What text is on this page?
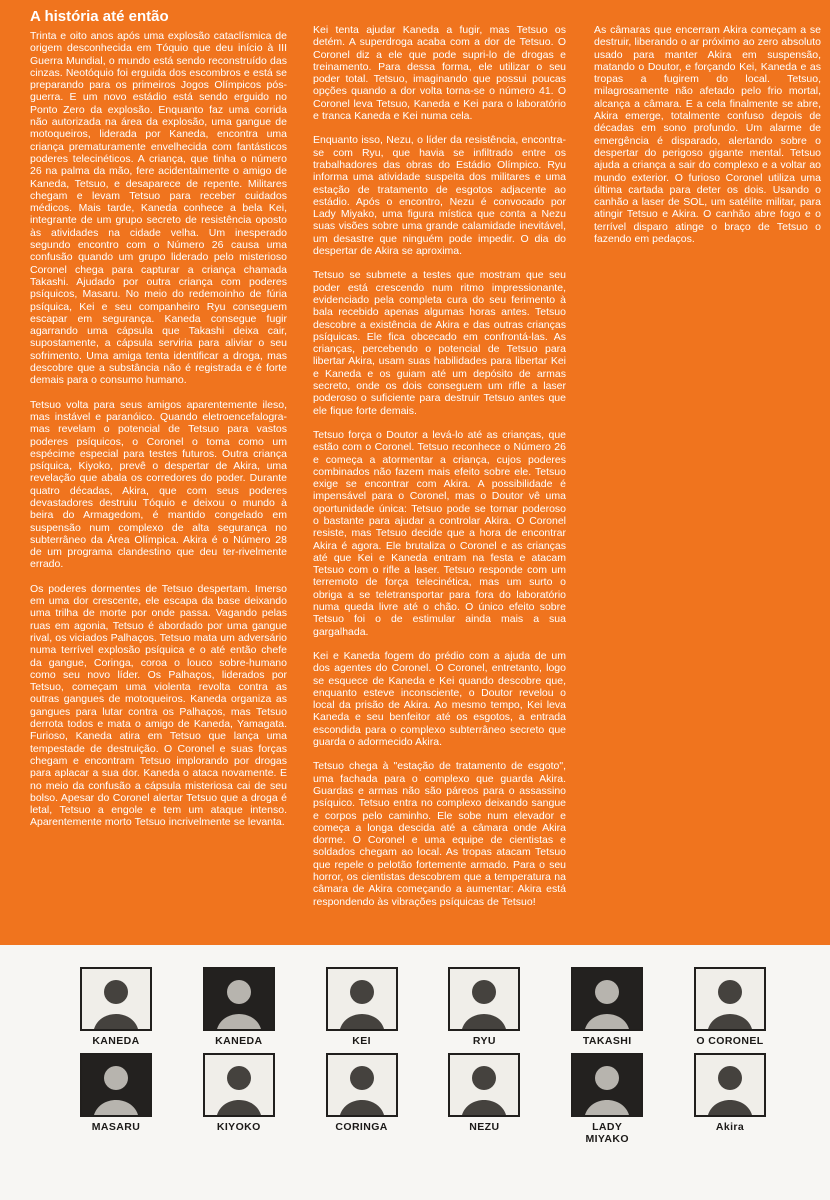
A história até então

Trinta e oito anos após uma explosão cataclísmica de origem desconhecida em Tóquio que deu início à III Guerra Mundial, o mundo está sendo reconstruído das cinzas. Neotóquio foi erguida dos escombros e está se preparando para os primeiros Jogos Olímpicos pós-guerra. E um novo estádio está sendo erguido no Ponto Zero da explosão. Enquanto faz uma corrida não autorizada na área da explosão, uma gangue de motoqueiros, liderada por Kaneda, encontra uma criança prematuramente envelhecida com fantásticos poderes telecinéticos. A criança, que tinha o número 26 na palma da mão, fere acidentalmente o amigo de Kaneda, Tetsuo, e desaparece de repente. Militares chegam e levam Tetsuo para receber cuidados médicos. Mais tarde, Kaneda conhece a bela Kei, integrante de um grupo secreto de resistência oposto às atividades na cidade velha. Um inesperado segundo encontro com o Número 26 causa uma confusão quando um grupo liderado pelo misterioso Coronel chega para capturar a criança chamada Takashi. Ajudado por outra criança com poderes psíquicos, Masaru. No meio do redemoinho de fúria psíquica, Kei e seu companheiro Ryu conseguem escapar em segurança. Kaneda consegue fugir agarrando uma cápsula que Takashi deixa cair, supostamente, a cápsula serviria para aliviar o seu sofrimento. Uma amiga tenta identificar a droga, mas descobre que a substância não é registrada e é forte demais para o consumo humano.

Tetsuo volta para seus amigos aparentemente ileso, mas instável e paranóico. Quando eletroencefalogra-mas revelam o potencial de Tetsuo para vastos poderes psíquicos, o Coronel o toma como um espécime especial para testes futuros. Outra criança psíquica, Kiyoko, prevê o despertar de Akira, uma revelação que abala os corredores do poder. Durante quatro décadas, Akira, que com seus poderes devastadores destruiu Tóquio e deixou o mundo à beira do Armagedom, é mantido congelado em suspensão num complexo de alta segurança no subterrâneo da Área Olímpica. Akira é o Número 28 de um programa clandestino que deu ter-rivelmente errado.

Os poderes dormentes de Tetsuo despertam. Imerso em uma dor crescente, ele escapa da base deixando uma trilha de morte por onde passa. Vagando pelas ruas em agonia, Tetsuo é abordado por uma gangue rival, os viciados Palhaços. Tetsuo mata um adversário numa terrível explosão psíquica e o até então chefe da gangue, Coringa, coroa o louco sobre-humano como seu novo líder. Os Palhaços, liderados por Tetsuo, começam uma violenta revolta contra as outras gangues de motoqueiros. Kaneda organiza as gangues para lutar contra os Palhaços, mas Tetsuo derrota todos e mata o amigo de Kaneda, Yamagata. Furioso, Kaneda atira em Tetsuo que lança uma tempestade de destruição. O Coronel e suas forças chegam e encontram Tetsuo implorando por drogas para aplacar a sua dor. Kaneda o ataca novamente. E no meio da confusão a cápsula misteriosa cai de seu bolso. Apesar do Coronel alertar Tetsuo que a droga é letal, Tetsuo a engole e tem um ataque intenso. Aparentemente morto Tetsuo incrivelmente se levanta.

Kei tenta ajudar Kaneda a fugir, mas Tetsuo os detém. A superdroga acaba com a dor de Tetsuo. O Coronel diz a ele que pode supri-lo de drogas e treinamento. Para dessa forma, ele utilizar o seu poder total. Tetsuo, imaginando que possui poucas opções quando a dor volta torna-se o número 41. O Coronel leva Tetsuo, Kaneda e Kei para o laboratório e tranca Kaneda e Kei numa cela.

Enquanto isso, Nezu, o líder da resistência, encontra-se com Ryu, que havia se infiltrado entre os trabalhadores das obras do Estádio Olímpico. Ryu informa uma atividade suspeita dos militares e uma estação de tratamento de esgotos adjacente ao estádio. Após o encontro, Nezu é convocado por Lady Miyako, uma figura mística que conta a Nezu suas visões sobre uma grande calamidade inevitável, um desastre que ninguém pode impedir. O dia do despertar de Akira se aproxima.

Tetsuo se submete a testes que mostram que seu poder está crescendo num ritmo impressionante, evidenciado pela completa cura do seu ferimento à bala recebido apenas algumas horas antes. Tetsuo descobre a existência de Akira e das outras crianças psíquicas. Ele fica obcecado em confrontá-las. As crianças, percebendo o potencial de Tetsuo para libertar Akira, usam suas habilidades para libertar Kei e Kaneda e os guiam até um depósito de armas secreto, onde os dois conseguem um rifle a laser poderoso o suficiente para destruir Tetsuo antes que ele fique forte demais.

Tetsuo força o Doutor a levá-lo até as crianças, que estão com o Coronel. Tetsuo reconhece o Número 26 e começa a atormentar a criança, cujos poderes combinados não fazem mais efeito sobre ele. Tetsuo exige se encontrar com Akira. A possibilidade é impensável para o Coronel, mas o Doutor vê uma oportunidade única: Tetsuo pode se tornar poderoso o bastante para ajudar a controlar Akira. O Coronel resiste, mas Tetsuo decide que a hora de encontrar Akira é agora. Ele brutaliza o Coronel e as crianças até que Kei e Kaneda entram na festa e atacam Tetsuo com o rifle a laser. Tetsuo responde com um terremoto de força telecinética, mas um surto o obriga a se teletransportar para fora do laboratório numa queda livre até o chão. O único efeito sobre Tetsuo foi o de estimular ainda mais a sua gargalhada.

Kei e Kaneda fogem do prédio com a ajuda de um dos agentes do Coronel. O Coronel, entretanto, logo se esquece de Kaneda e Kei quando descobre que, enquanto esteve inconsciente, o Doutor revelou o local da prisão de Akira. Ao mesmo tempo, Kei leva Kaneda e seu benfeitor até os esgotos, a entrada escondida para o complexo subterrâneo secreto que guarda o adormecido Akira.

Tetsuo chega à "estação de tratamento de esgoto", uma fachada para o complexo que guarda Akira. Guardas e armas não são páreos para o assassino psíquico. Tetsuo entra no complexo deixando sangue e corpos pelo caminho. Ele sobe num elevador e começa a longa descida até a câmara onde Akira dorme. O Coronel e uma equipe de cientistas e soldados chegam ao local. As tropas atacam Tetsuo que repele o pelotão fortemente armado. Para o seu horror, os cientistas descobrem que a temperatura na câmara de Akira começando a aumentar: Akira está respondendo às vibrações psíquicas de Tetsuo!

As câmaras que encerram Akira começam a se destruir, liberando o ar próximo ao zero absoluto usado para manter Akira em suspensão, matando o Doutor, e forçando Kei, Kaneda e as tropas a fugirem do local. Tetsuo, milagrosamente não afetado pelo frio mortal, alcança a câmara. E a cela finalmente se abre, Akira emerge, totalmente confuso depois de décadas em sono profundo. Um alarme de emergência é disparado, alertando sobre o despertar do perigoso gigante mental. Tetsuo ajuda a criança a sair do complexo e a voltar ao mundo exterior. O furioso Coronel utiliza uma última cartada para deter os dois. Usando o canhão a laser de SOL, um satélite militar, para atingir Tetsuo e Akira. O canhão abre fogo e o terrível disparo atinge o braço de Tetsuo o fazendo em pedaços.

KANEDA	KANEDA	KEI	RYU	TAKASHI	O CORONEL
MASARU	KIYOKO	CORINGA	NEZU	LADY MIYAKO
Akira
